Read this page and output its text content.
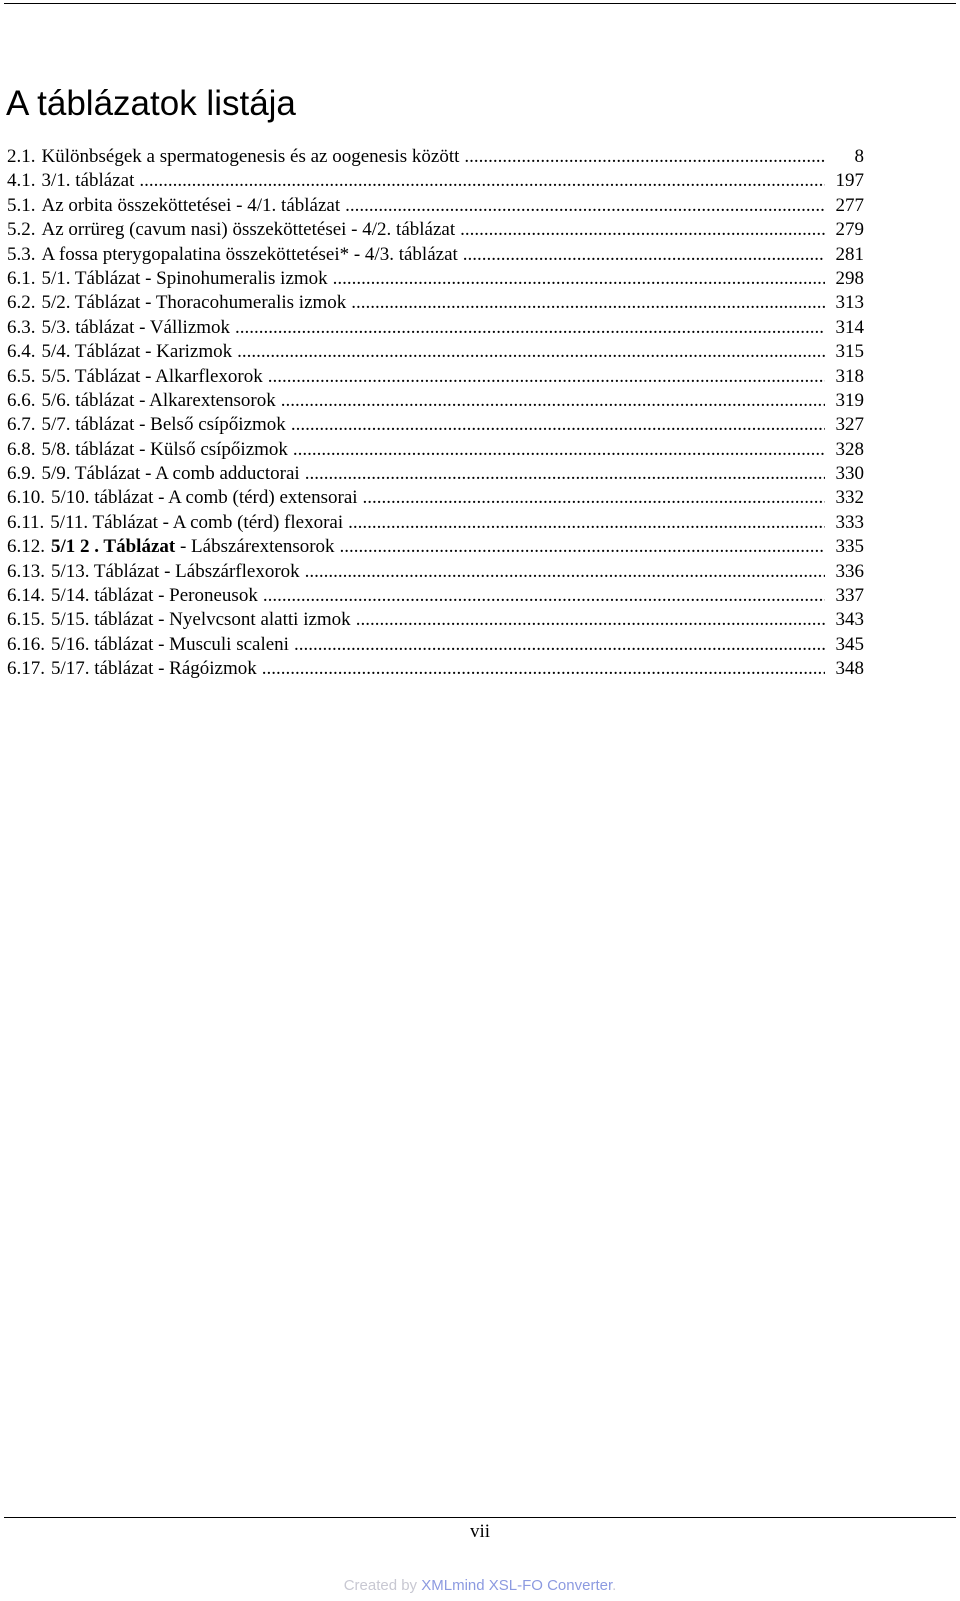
A táblázatok listája
2.1. Különbségek a spermatogenesis és az oogenesis között .....	8
4.1. 3/1. táblázat .....	197
5.1. Az orbita összeköttetései - 4/1. táblázat .....	277
5.2. Az orrüreg (cavum nasi) összeköttetései - 4/2. táblázat .....	279
5.3. A fossa pterygopalatina összeköttetései* - 4/3. táblázat .....	281
6.1. 5/1. Táblázat - Spinohumeralis izmok .....	298
6.2. 5/2. Táblázat - Thoracohumeralis izmok .....	313
6.3. 5/3. táblázat - Vállizmok .....	314
6.4. 5/4. Táblázat - Karizmok .....	315
6.5. 5/5. Táblázat - Alkarflexorok .....	318
6.6. 5/6. táblázat - Alkarextensorok .....	319
6.7. 5/7. táblázat - Belső csípőizmok .....	327
6.8. 5/8. táblázat - Külső csípőizmok .....	328
6.9. 5/9. Táblázat - A comb adductorai .....	330
6.10. 5/10. táblázat - A comb (térd) extensorai .....	332
6.11. 5/11. Táblázat - A comb (térd) flexorai .....	333
6.12. 5/1 2 . Táblázat - Lábszárextensorok .....	335
6.13. 5/13. Táblázat - Lábszárflexorok .....	336
6.14. 5/14. táblázat - Peroneusok .....	337
6.15. 5/15. táblázat - Nyelvcsont alatti izmok .....	343
6.16. 5/16. táblázat - Musculi scaleni .....	345
6.17. 5/17. táblázat - Rágóizmok .....	348
vii
Created by XMLmind XSL-FO Converter.
